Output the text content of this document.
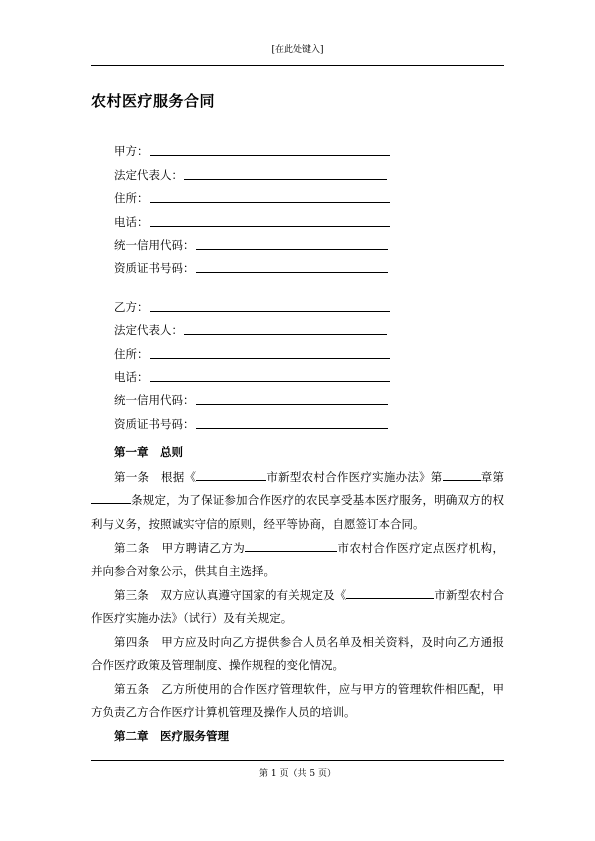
[在此处键入]
农村医疗服务合同
甲方：
法定代表人：
住所：
电话：
统一信用代码：
资质证书号码：
乙方：
法定代表人：
住所：
电话：
统一信用代码：
资质证书号码：
第一章　总则
第一条　根据《	市新型农村合作医疗实施办法》第	章第条规定，为了保证参加合作医疗的农民享受基本医疗服务，明确双方的权利与义务，按照诚实守信的原则，经平等协商，自愿签订本合同。
第二条　甲方聘请乙方为	市农村合作医疗定点医疗机构，并向参合对象公示，供其自主选择。
第三条　双方应认真遵守国家的有关规定及《	市新型农村合作医疗实施办法》（试行）及有关规定。
第四条　甲方应及时向乙方提供参合人员名单及相关资料，及时向乙方通报合作医疗政策及管理制度、操作规程的变化情况。
第五条　乙方所使用的合作医疗管理软件，应与甲方的管理软件相匹配，甲方负责乙方合作医疗计算机管理及操作人员的培训。
第二章　医疗服务管理
第 1 页（共 5 页）
